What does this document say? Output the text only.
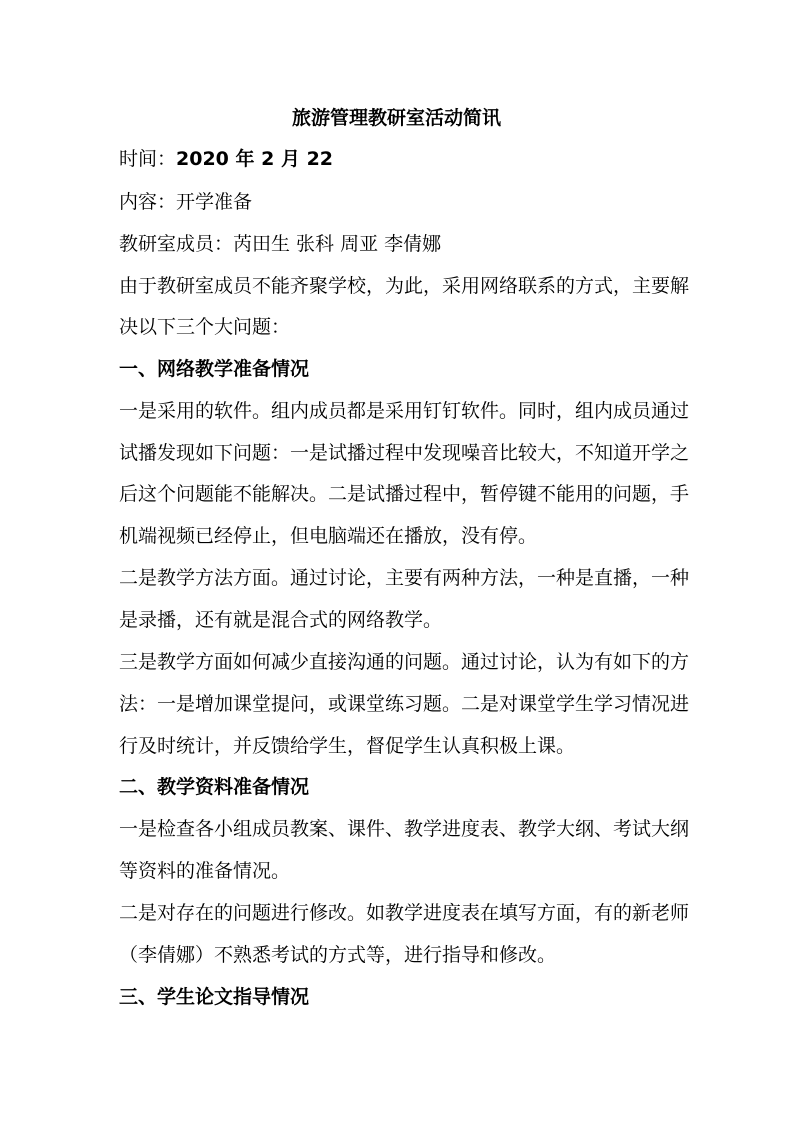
旅游管理教研室活动简讯
时间：2020 年 2 月 22
内容：开学准备
教研室成员：芮田生 张科 周亚 李倩娜
由于教研室成员不能齐聚学校，为此，采用网络联系的方式，主要解
决以下三个大问题：
一、网络教学准备情况
一是采用的软件。组内成员都是采用钉钉软件。同时，组内成员通过
试播发现如下问题：一是试播过程中发现噪音比较大，不知道开学之
后这个问题能不能解决。二是试播过程中，暂停键不能用的问题，手
机端视频已经停止，但电脑端还在播放，没有停。
二是教学方法方面。通过讨论，主要有两种方法，一种是直播，一种
是录播，还有就是混合式的网络教学。
三是教学方面如何减少直接沟通的问题。通过讨论，认为有如下的方
法：一是增加课堂提问，或课堂练习题。二是对课堂学生学习情况进
行及时统计，并反馈给学生，督促学生认真积极上课。
二、教学资料准备情况
一是检查各小组成员教案、课件、教学进度表、教学大纲、考试大纲
等资料的准备情况。
二是对存在的问题进行修改。如教学进度表在填写方面，有的新老师
（李倩娜）不熟悉考试的方式等，进行指导和修改。
三、学生论文指导情况
